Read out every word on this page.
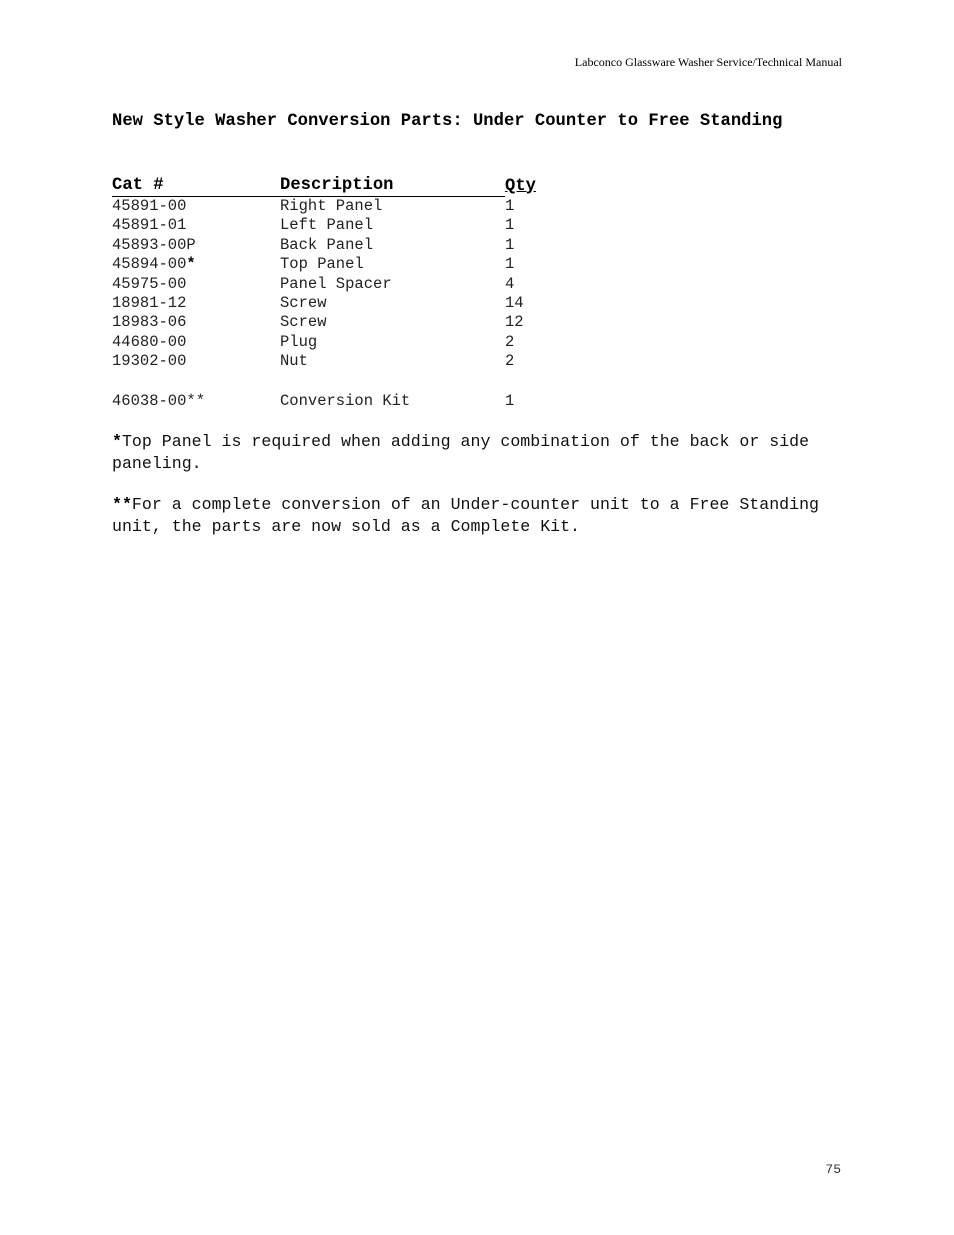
Labconco Glassware Washer Service/Technical Manual
New Style Washer Conversion Parts: Under Counter to Free Standing
Cat #	Description	Qty
45891-00	Right Panel	1
45891-01	Left Panel	1
45893-00P	Back Panel	1
45894-00*	Top Panel	1
45975-00	Panel Spacer	4
18981-12	Screw	14
18983-06	Screw	12
44680-00	Plug	2
19302-00	Nut	2

46038-00**	Conversion Kit	1

*Top Panel is required when adding any combination of the back or side paneling.

**For a complete conversion of an Under-counter unit to a Free Standing unit, the parts are now sold as a Complete Kit.

75
